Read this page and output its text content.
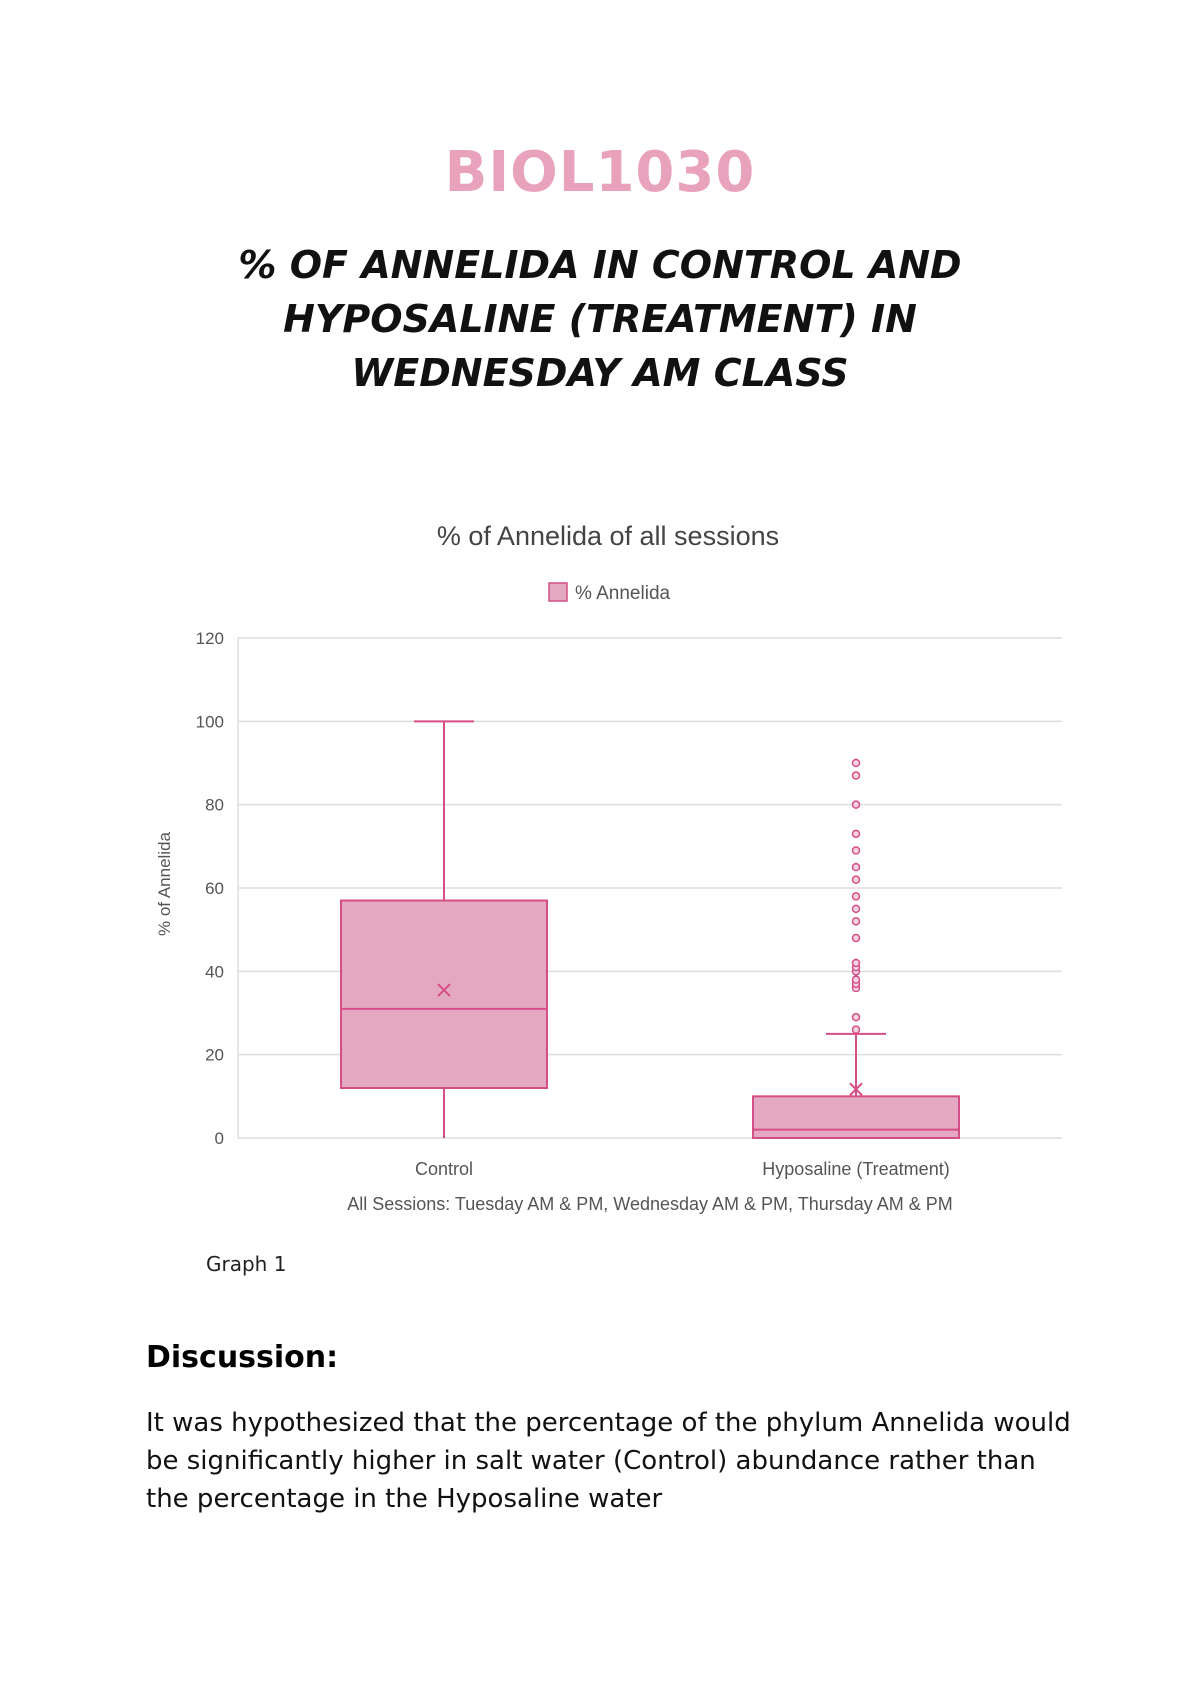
BIOL1030
% OF ANNELIDA IN CONTROL AND HYPOSALINE (TREATMENT) IN WEDNESDAY AM CLASS
% of Annelida of all sessions
% Annelida
% of Annelida
0
20
40
60
80
100
120
Control	Hyposaline (Treatment)
All Sessions: Tuesday AM & PM, Wednesday AM & PM, Thursday AM & PM
Graph 1
Discussion:

It was hypothesized that the percentage of the phylum Annelida would be significantly higher in salt water (Control) abundance rather than the percentage in the Hyposaline water
